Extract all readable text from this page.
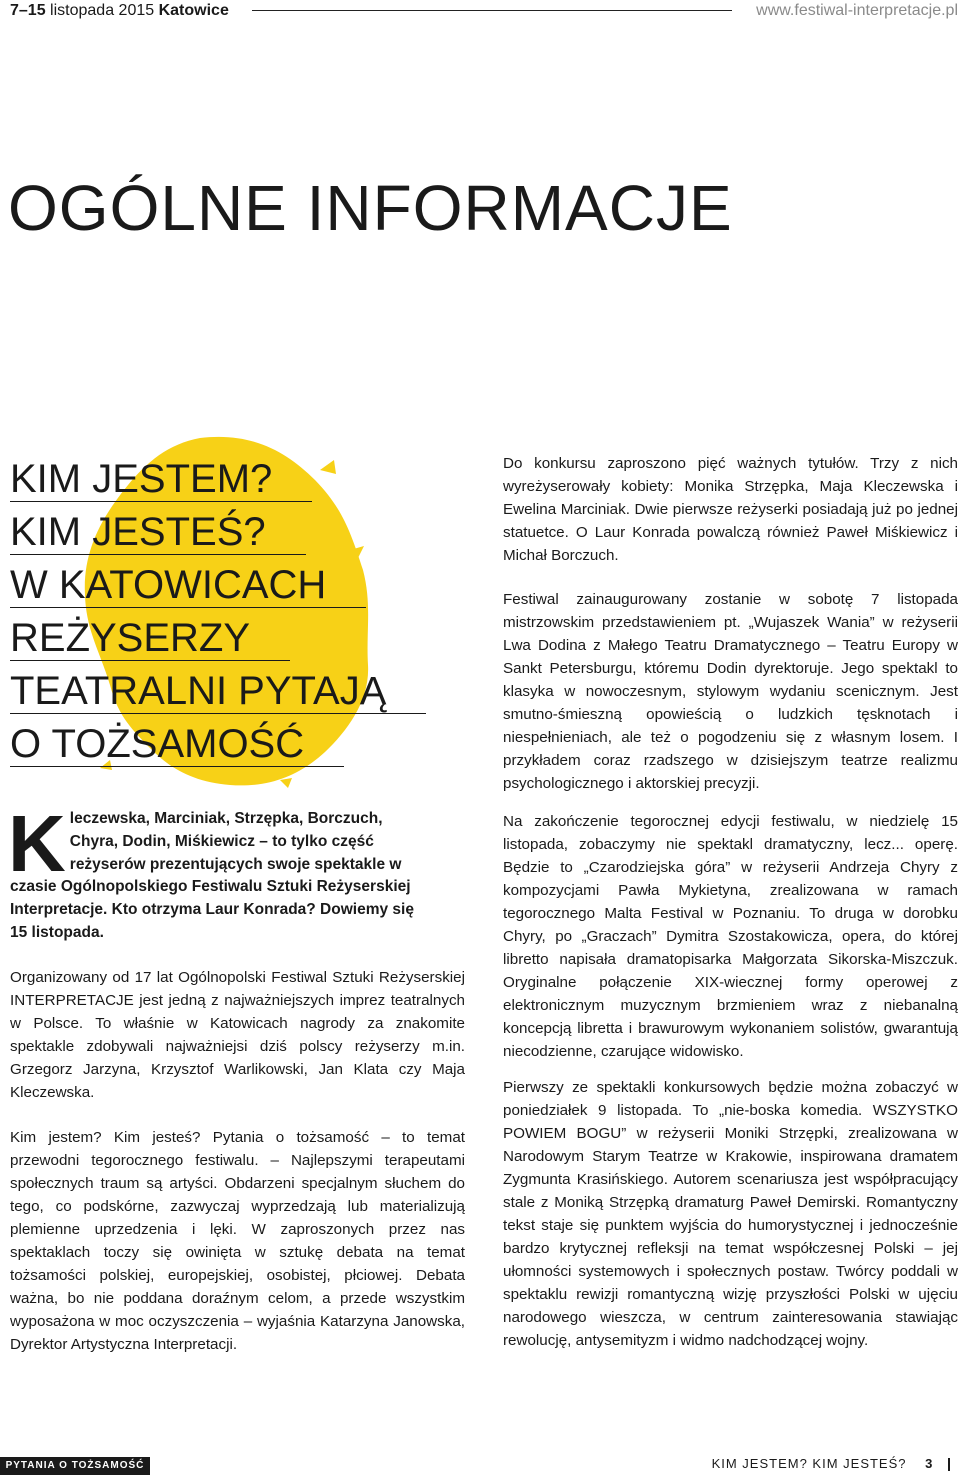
7–15 listopada 2015 Katowice	www.festiwal-interpretacje.pl
OGÓLNE INFORMACJE
KIM JESTEM?
KIM JESTEŚ?
W KATOWICACH
REŻYSERZY
TEATRALNI PYTAJĄ
O TOŻSAMOŚĆ
K leczewska, Marciniak, Strzępka, Borczuch, Chyra, Dodin, Miśkiewicz – to tylko część reżyserów prezentujących swoje spektakle w czasie Ogólnopolskiego Festiwalu Sztuki Reżyserskiej Interpretacje. Kto otrzyma Laur Konrada? Dowiemy się 15 listopada.

Organizowany od 17 lat Ogólnopolski Festiwal Sztuki Reżyserskiej INTERPRETACJE jest jedną z najważniejszych imprez teatralnych w Polsce. To właśnie w Katowicach nagrody za znakomite spektakle zdobywali najważniejsi dziś polscy reżyserzy m.in. Grzegorz Jarzyna, Krzysztof Warlikowski, Jan Klata czy Maja Kleczewska.

Kim jestem? Kim jesteś? Pytania o tożsamość – to temat przewodni tegorocznego festiwalu. – Najlepszymi terapeutami społecznych traum są artyści. Obdarzeni specjalnym słuchem do tego, co podskórne, zazwyczaj wyprzedzają lub materializują plemienne uprzedzenia i lęki. W zaproszonych przez nas spektaklach toczy się owinięta w sztukę debata na temat tożsamości polskiej, europejskiej, osobistej, płciowej. Debata ważna, bo nie poddana doraźnym celom, a przede wszystkim wyposażona w moc oczyszczenia – wyjaśnia Katarzyna Janowska, Dyrektor Artystyczna Interpretacji.

Do konkursu zaproszono pięć ważnych tytułów. Trzy z nich wyreżyserowały kobiety: Monika Strzępka, Maja Kleczewska i Ewelina Marciniak. Dwie pierwsze reżyserki posiadają już po jednej statuetce. O Laur Konrada powalczą również Paweł Miśkiewicz i Michał Borczuch.

Festiwal zainaugurowany zostanie w sobotę 7 listopada mistrzowskim przedstawieniem pt. „Wujaszek Wania” w reżyserii Lwa Dodina z Małego Teatru Dramatycznego – Teatru Europy w Sankt Petersburgu, któremu Dodin dyrektoruje. Jego spektakl to klasyka w nowoczesnym, stylowym wydaniu scenicznym. Jest smutno-śmieszną opowieścią o ludzkich tęsknotach i niespełnieniach, ale też o pogodzeniu się z własnym losem. I przykładem coraz rzadszego w dzisiejszym teatrze realizmu psychologicznego i aktorskiej precyzji.

Na zakończenie tegorocznej edycji festiwalu, w niedzielę 15 listopada, zobaczymy nie spektakl dramatyczny, lecz... operę. Będzie to „Czarodziejska góra” w reżyserii Andrzeja Chyry z kompozycjami Pawła Mykietyna, zrealizowana w ramach tegorocznego Malta Festival w Poznaniu. To druga w dorobku Chyry, po „Graczach” Dymitra Szostakowicza, opera, do której libretto napisała dramatopisarka Małgorzata Sikorska-Miszczuk. Oryginalne połączenie XIX-wiecznej formy operowej z elektronicznym muzycznym brzmieniem wraz z niebanalną koncepcją libretta i brawurowym wykonaniem solistów, gwarantują niecodzienne, czarujące widowisko.

Pierwszy ze spektakli konkursowych będzie można zobaczyć w poniedziałek 9 listopada. To „nie-boska komedia. WSZYSTKO POWIEM BOGU” w reżyserii Moniki Strzępki, zrealizowana w Narodowym Starym Teatrze w Krakowie, inspirowana dramatem Zygmunta Krasińskiego. Autorem scenariusza jest współpracujący stale z Moniką Strzępką dramaturg Paweł Demirski. Romantyczny tekst staje się punktem wyjścia do humorystycznej i jednocześnie bardzo krytycznej refleksji na temat współczesnej Polski – jej ułomności systemowych i społecznych postaw. Twórcy poddali w spektaklu rewizji romantyczną wizję przyszłości Polski w ujęciu narodowego wieszcza, w centrum zainteresowania stawiając rewolucję, antysemityzm i widmo nadchodzącej wojny.

PYTANIA O TOŻSAMOŚĆ	KIM JESTEM? KIM JESTEŚ? 3
